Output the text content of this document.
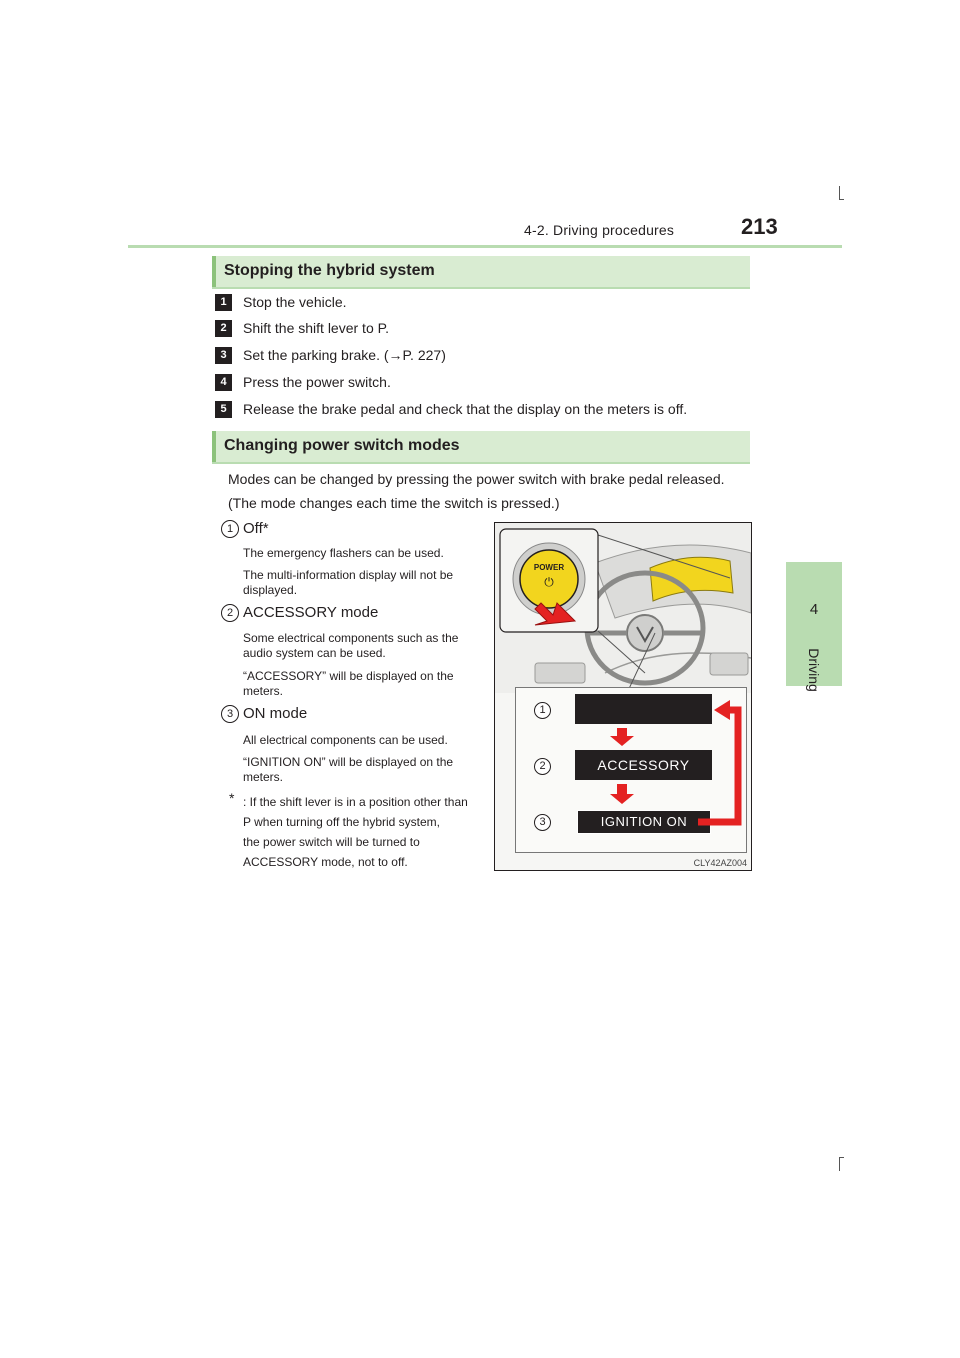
4-2. Driving procedures	213
4
Driving
Stopping the hybrid system
1	Stop the vehicle.
2	Shift the shift lever to P.
3	Set the parking brake. (→P. 227)
4	Press the power switch.
5	Release the brake pedal and check that the display on the meters is off.
Changing power switch modes
Modes can be changed by pressing the power switch with brake pedal released.
(The mode changes each time the switch is pressed.)
1 Off*
The emergency flashers can be used.
The multi-information display will not be displayed.
2 ACCESSORY mode
Some electrical components such as the audio system can be used.
“ACCESSORY” will be displayed on the meters.
3 ON mode
All electrical components can be used.
“IGNITION ON” will be displayed on the meters.
* : If the shift lever is in a position other than
P when turning off the hybrid system,
the power switch will be turned to
ACCESSORY mode, not to off.
POWER
⏻
ACCESSORY
IGNITION ON
1
2
3
CLY42AZ004
